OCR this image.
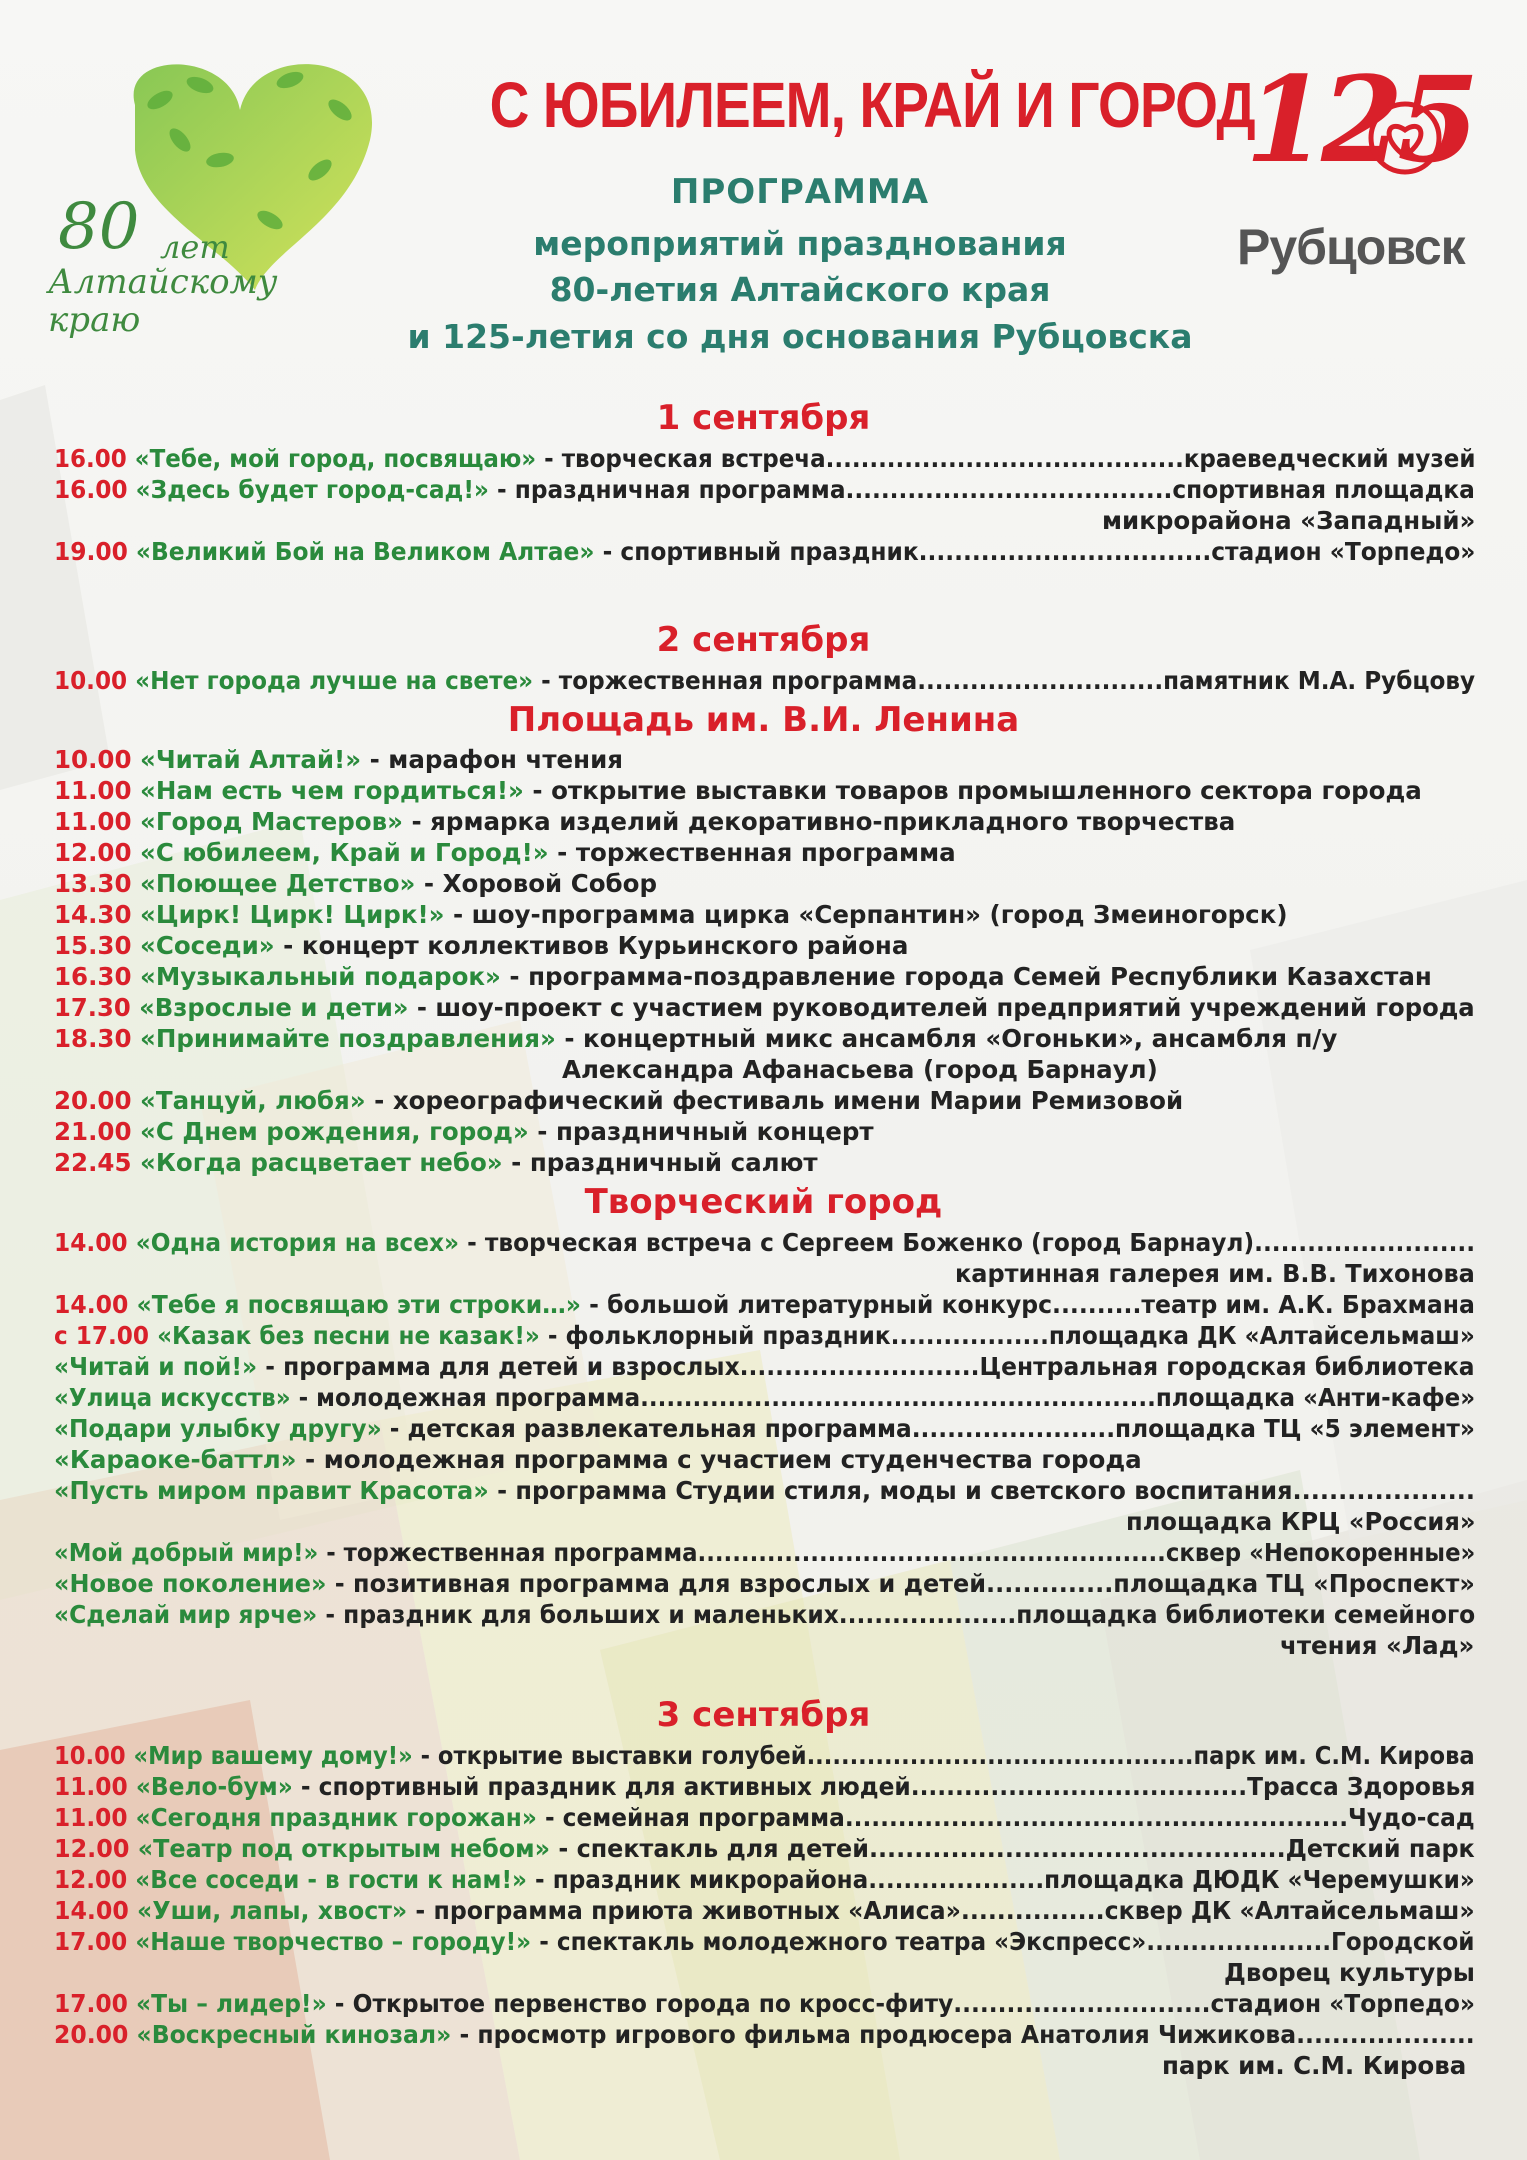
80 лет
Алтайскому
краю
125
Рубцовск
С ЮБИЛЕЕМ, КРАЙ И ГОРОД
ПРОГРАММА
мероприятий празднования
80-летия Алтайского края
и 125-летия со дня основания Рубцовска
1 сентября
16.00 «Тебе, мой город, посвящаю» - творческая встреча.........................................краеведческий музей
16.00 «Здесь будет город-сад!» - праздничная программа.....................................спортивная площадка
микрорайона «Западный»
19.00 «Великий Бой на Великом Алтае» - спортивный праздник.................................стадион «Торпедо»
2 сентября
10.00 «Нет города лучше на свете» - торжественная программа............................памятник М.А. Рубцову
Площадь им. В.И. Ленина
10.00 «Читай Алтай!» - марафон чтения
11.00 «Нам есть чем гордиться!» - открытие выставки товаров промышленного сектора города
11.00 «Город Мастеров» - ярмарка изделий декоративно-прикладного творчества
12.00 «С юбилеем, Край и Город!» - торжественная программа
13.30 «Поющее Детство» - Хоровой Собор
14.30 «Цирк! Цирк! Цирк!» - шоу-программа цирка «Серпантин» (город Змеиногорск)
15.30 «Соседи» - концерт коллективов Курьинского района
16.30 «Музыкальный подарок» - программа-поздравление города Семей Республики Казахстан
17.30 «Взрослые и дети» - шоу-проект с участием руководителей предприятий учреждений города
18.30 «Принимайте поздравления» - концертный микс ансамбля «Огоньки», ансамбля п/у
Александра Афанасьева (город Барнаул)
20.00 «Танцуй, любя» - хореографический фестиваль имени Марии Ремизовой
21.00 «С Днем рождения, город» - праздничный концерт
22.45 «Когда расцветает небо» - праздничный салют
Творческий город
14.00 «Одна история на всех» - творческая встреча с Сергеем Боженко (город Барнаул).........................
картинная галерея им. В.В. Тихонова
14.00 «Тебе я посвящаю эти строки…» - большой литературный конкурс..........театр им. А.К. Брахмана
с 17.00 «Казак без песни не казак!» - фольклорный праздник..................площадка ДК «Алтайсельмаш»
«Читай и пой!» - программа для детей и взрослых...........................Центральная городская библиотека
«Улица искусств» - молодежная программа...........................................................площадка «Анти-кафе»
«Подари улыбку другу» - детская развлекательная программа.......................площадка ТЦ «5 элемент»
«Караоке-баттл» - молодежная программа с участием студенчества города
«Пусть миром правит Красота» - программа Студии стиля, моды и светского воспитания....................
площадка КРЦ «Россия»
«Мой добрый мир!» - торжественная программа......................................................сквер «Непокоренные»
«Новое поколение» - позитивная программа для взрослых и детей..............площадка ТЦ «Проспект»
«Сделай мир ярче» - праздник для больших и маленьких....................площадка библиотеки семейного
чтения «Лад»
3 сентября
10.00 «Мир вашему дому!» - открытие выставки голубей.............................................парк им. С.М. Кирова
11.00 «Вело-бум» - спортивный праздник для активных людей......................................Трасса Здоровья
11.00 «Сегодня праздник горожан» - семейная программа.........................................................Чудо-сад
12.00 «Театр под открытым небом» - спектакль для детей..............................................Детский парк
12.00 «Все соседи - в гости к нам!» - праздник микрорайона....................площадка ДЮДК «Черемушки»
14.00 «Уши, лапы, хвост» - программа приюта животных «Алиса»................сквер ДК «Алтайсельмаш»
17.00 «Наше творчество – городу!» - спектакль молодежного театра «Экспресс».....................Городской
Дворец культуры
17.00 «Ты – лидер!» - Открытое первенство города по кросс-фиту.............................стадион «Торпедо»
20.00 «Воскресный кинозал» - просмотр игрового фильма продюсера Анатолия Чижикова....................
парк им. С.М. Кирова
